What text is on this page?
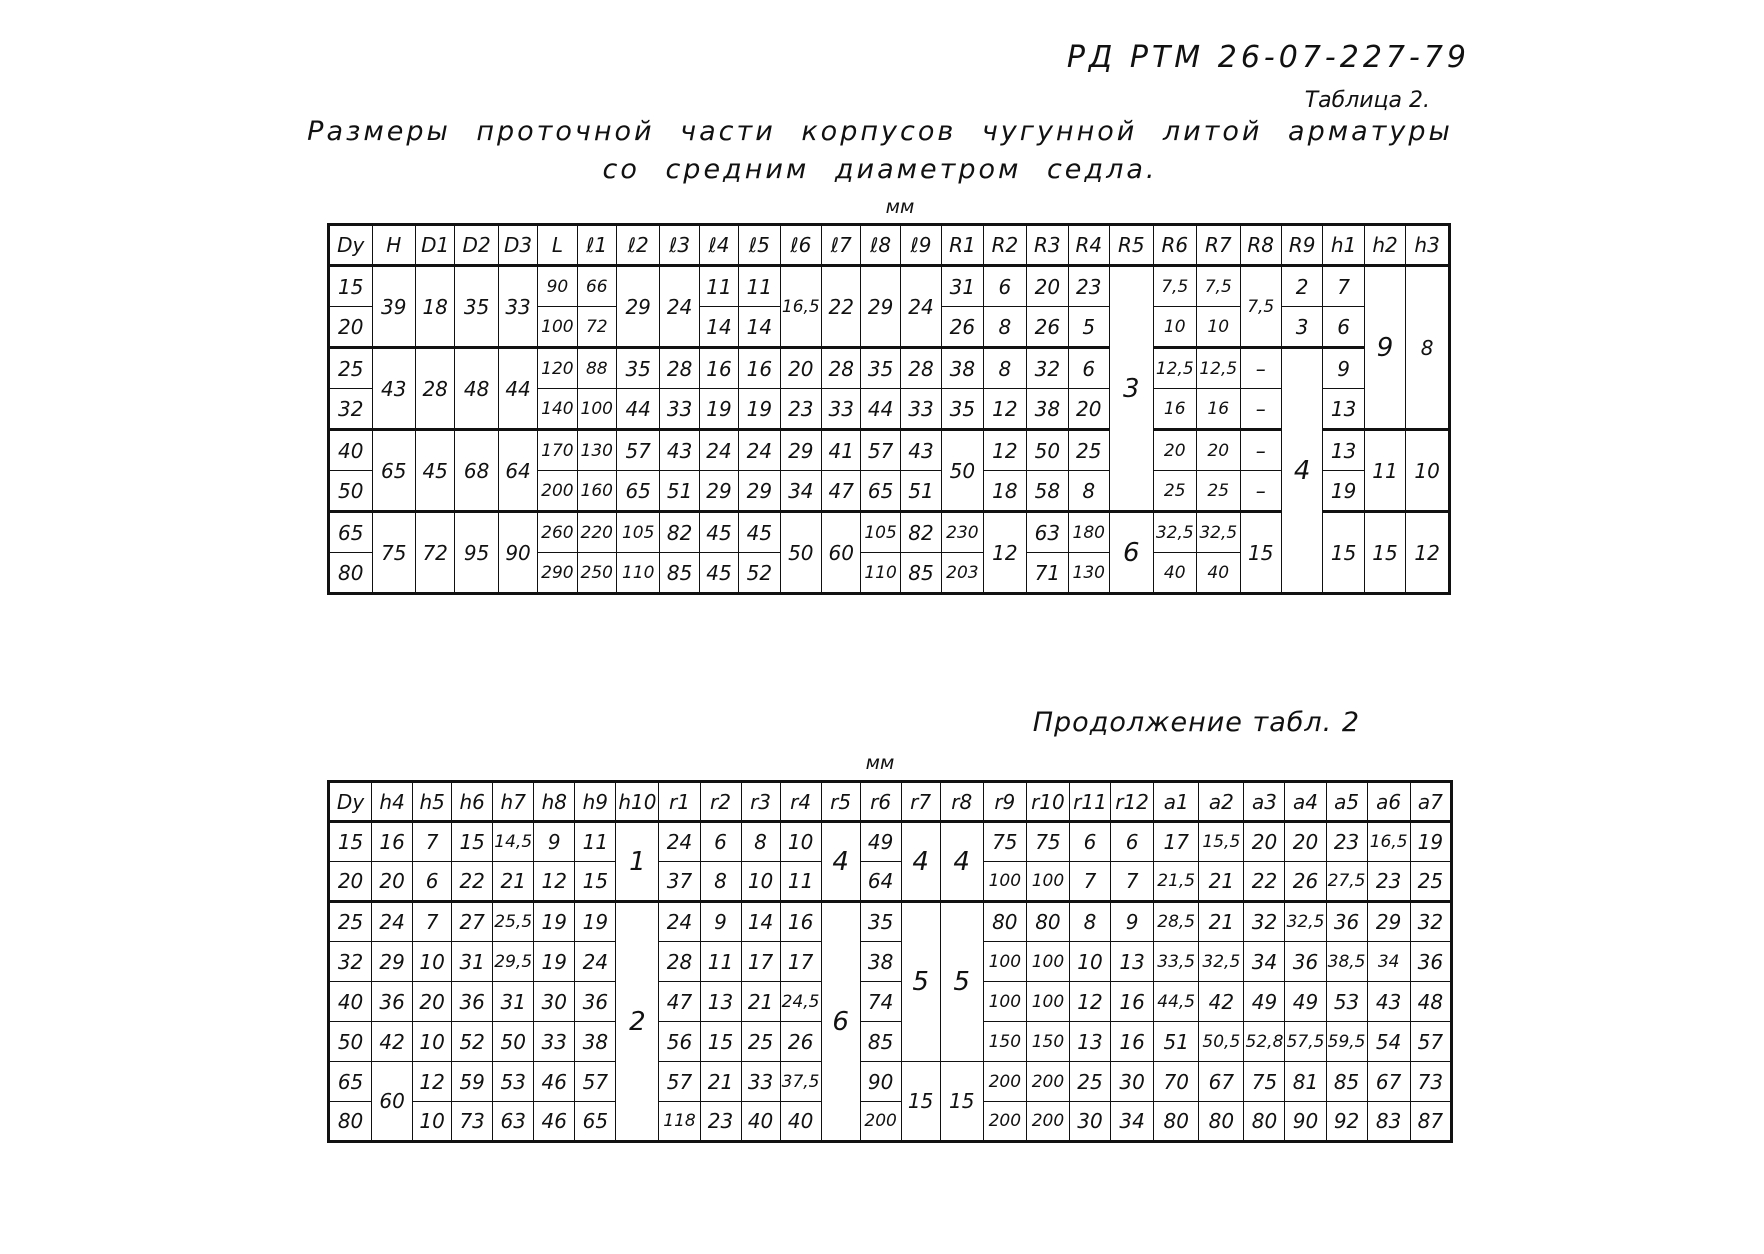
РД РТМ 26-07-227-79
Таблица 2.
Размеры проточной части корпусов чугунной литой арматуры
со средним диаметром седла.
мм
Dy	H	D1	D2	D3	L	ℓ1	ℓ2	ℓ3	ℓ4	ℓ5	ℓ6	ℓ7	ℓ8	ℓ9	R1	R2	R3	R4	R5	R6	R7	R8	R9	h1	h2	h3
15	39	18	35	33	90	66	29	24	11	11	16,5	22	29	24	31	6	20	23	3	7,5	7,5	7,5	2	7	9	8
20					100	72			14	14					26	8	26	5		10	10		3	6		
25	43	28	48	44	120	88	35	28	16	16	20	28	35	28	38	8	32	6		12,5	12,5	–	4	9		
32					140	100	44	33	19	19	23	33	44	33	35	12	38	20		16	16	–		13		
40	65	45	68	64	170	130	57	43	24	24	29	41	57	43	50	12	50	25		20	20	–		13	11	10
50					200	160	65	51	29	29	34	47	65	51		18	58	8		25	25	–		19		
65	75	72	95	90	260	220	105	82	45	45	50	60	105	82	230	12	63	180	6	32,5	32,5	15		15	15	12
80					290	250	110	85	45	52			110	85	203		71	130		40	40					
Продолжение табл. 2
мм
Dy	h4	h5	h6	h7	h8	h9	h10	r1	r2	r3	r4	r5	r6	r7	r8	r9	r10	r11	r12	a1	a2	a3	a4	a5	a6	a7
15	16	7	15	14,5	9	11	1	24	6	8	10	4	49	4	4	75	75	6	6	17	15,5	20	20	23	16,5	19
20	20	6	22	21	12	15		37	8	10	11		64			100	100	7	7	21,5	21	22	26	27,5	23	25
25	24	7	27	25,5	19	19	2	24	9	14	16	6	35	5	5	80	80	8	9	28,5	21	32	32,5	36	29	32
32	29	10	31	29,5	19	24		28	11	17	17		38			100	100	10	13	33,5	32,5	34	36	38,5	34	36
40	36	20	36	31	30	36		47	13	21	24,5		74			100	100	12	16	44,5	42	49	49	53	43	48
50	42	10	52	50	33	38		56	15	25	26		85			150	150	13	16	51	50,5	52,8	57,5	59,5	54	57
65	60	12	59	53	46	57		57	21	33	37,5		90	15	15	200	200	25	30	70	67	75	81	85	67	73
80		10	73	63	46	65		118	23	40	40		200			200	200	30	34	80	80	80	90	92	83	87
